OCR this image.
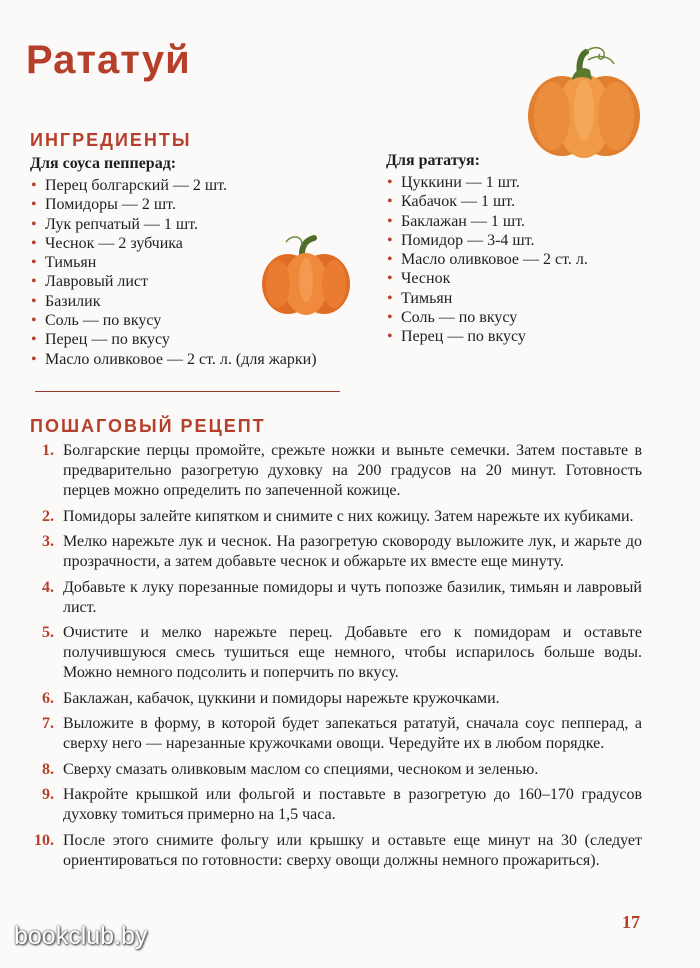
Рататуй
ИНГРЕДИЕНТЫ
Для соуса пепперад:
• Перец болгарский — 2 шт.
• Помидоры — 2 шт.
• Лук репчатый — 1 шт.
• Чеснок — 2 зубчика
• Тимьян
• Лавровый лист
• Базилик
• Соль — по вкусу
• Перец — по вкусу
• Масло оливковое — 2 ст. л. (для жарки)
Для рататуя:
• Цуккини — 1 шт.
• Кабачок — 1 шт.
• Баклажан — 1 шт.
• Помидор — 3-4 шт.
• Масло оливковое — 2 ст. л.
• Чеснок
• Тимьян
• Соль — по вкусу
• Перец — по вкусу
ПОШАГОВЫЙ РЕЦЕПТ
1. Болгарские перцы промойте, срежьте ножки и выньте семечки. Затем поставьте в предварительно разогретую духовку на 200 градусов на 20 минут. Готовность перцев можно определить по запеченной кожице.
2. Помидоры залейте кипятком и снимите с них кожицу. Затем нарежьте их кубиками.
3. Мелко нарежьте лук и чеснок. На разогретую сковороду выложите лук, и жарьте до прозрачности, а затем добавьте чеснок и обжарьте их вместе еще минуту.
4. Добавьте к луку порезанные помидоры и чуть попозже базилик, тимьян и лавровый лист.
5. Очистите и мелко нарежьте перец. Добавьте его к помидорам и оставьте получившуюся смесь тушиться еще немного, чтобы испарилось больше воды. Можно немного подсолить и поперчить по вкусу.
6. Баклажан, кабачок, цуккини и помидоры нарежьте кружочками.
7. Выложите в форму, в которой будет запекаться рататуй, сначала соус пепперад, а сверху него — нарезанные кружочками овощи. Чередуйте их в любом порядке.
8. Сверху смазать оливковым маслом со специями, чесноком и зеленью.
9. Накройте крышкой или фольгой и поставьте в разогретую до 160–170 градусов духовку томиться примерно на 1,5 часа.
10. После этого снимите фольгу или крышку и оставьте еще минут на 30 (следует ориентироваться по готовности: сверху овощи должны немного прожариться).
17
bookclub.by
